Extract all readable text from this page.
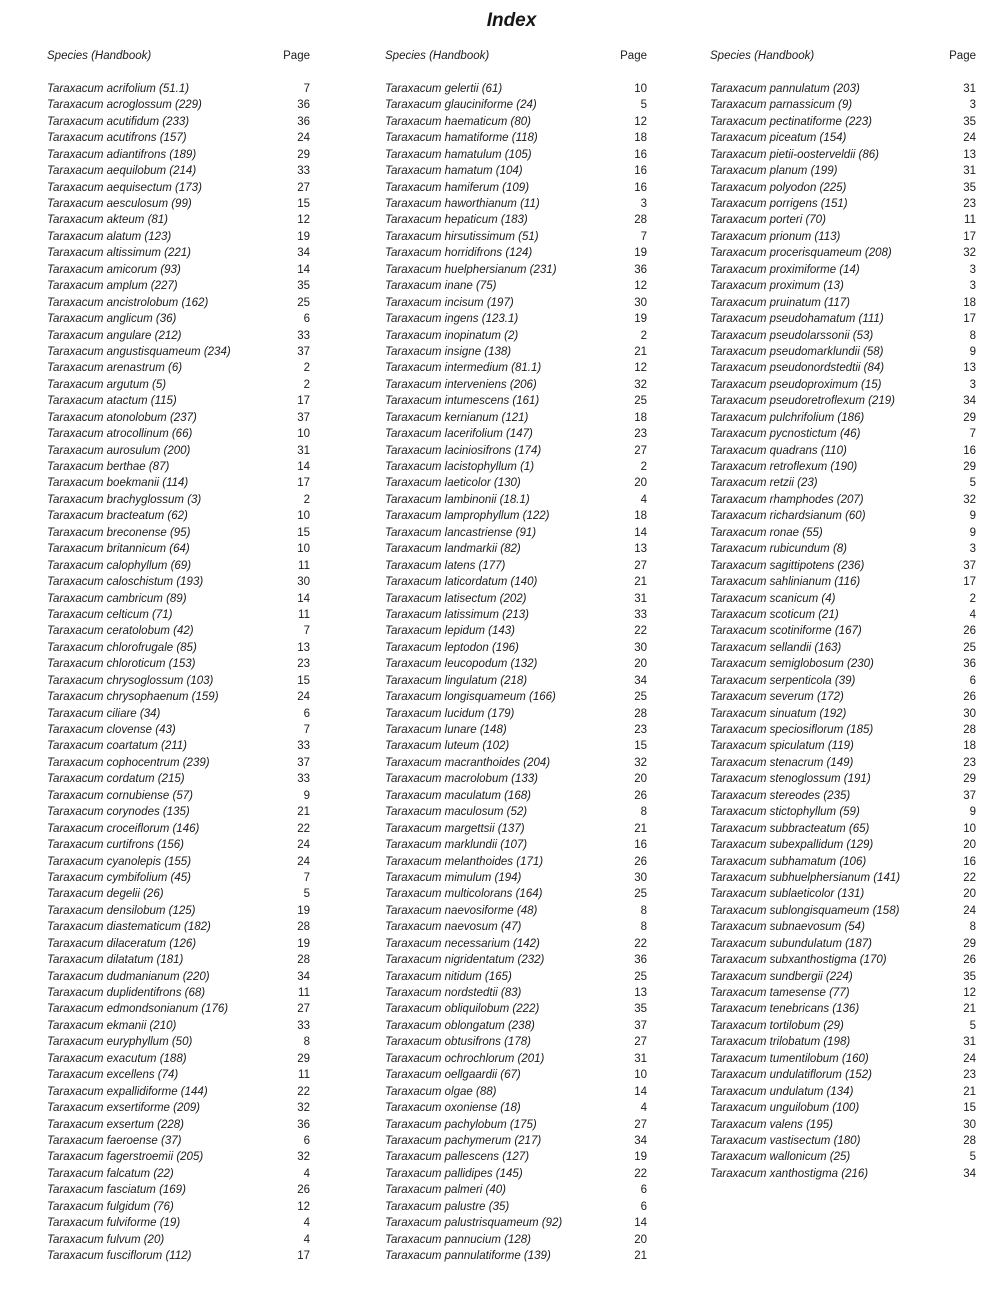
Index
Species (Handbook)	Page
Taraxacum acrifolium (51.1)	7
Taraxacum acroglossum (229)	36
Taraxacum acutifidum (233)	36
Taraxacum acutifrons (157)	24
Taraxacum adiantifrons (189)	29
Taraxacum aequilobum (214)	33
Taraxacum aequisectum (173)	27
Taraxacum aesculosum (99)	15
Taraxacum akteum (81)	12
Taraxacum alatum (123)	19
Taraxacum altissimum (221)	34
Taraxacum amicorum (93)	14
Taraxacum amplum (227)	35
Taraxacum ancistrolobum (162)	25
Taraxacum anglicum (36)	6
Taraxacum angulare (212)	33
Taraxacum angustisquameum (234)	37
Taraxacum arenastrum (6)	2
Taraxacum argutum (5)	2
Taraxacum atactum (115)	17
Taraxacum atonolobum (237)	37
Taraxacum atrocollinum (66)	10
Taraxacum aurosulum (200)	31
Taraxacum berthae (87)	14
Taraxacum boekmanii (114)	17
Taraxacum brachyglossum (3)	2
Taraxacum bracteatum (62)	10
Taraxacum breconense (95)	15
Taraxacum britannicum (64)	10
Taraxacum calophyllum (69)	11
Taraxacum caloschistum (193)	30
Taraxacum cambricum (89)	14
Taraxacum celticum (71)	11
Taraxacum ceratolobum (42)	7
Taraxacum chlorofrugale (85)	13
Taraxacum chloroticum (153)	23
Taraxacum chrysoglossum (103)	15
Taraxacum chrysophaenum (159)	24
Taraxacum ciliare (34)	6
Taraxacum clovense (43)	7
Taraxacum coartatum (211)	33
Taraxacum cophocentrum (239)	37
Taraxacum cordatum (215)	33
Taraxacum cornubiense (57)	9
Taraxacum corynodes (135)	21
Taraxacum croceiflorum (146)	22
Taraxacum curtifrons (156)	24
Taraxacum cyanolepis (155)	24
Taraxacum cymbifolium (45)	7
Taraxacum degelii (26)	5
Taraxacum densilobum (125)	19
Taraxacum diastematicum (182)	28
Taraxacum dilaceratum (126)	19
Taraxacum dilatatum (181)	28
Taraxacum dudmanianum (220)	34
Taraxacum duplidentifrons (68)	11
Taraxacum edmondsonianum (176)	27
Taraxacum ekmanii (210)	33
Taraxacum euryphyllum (50)	8
Taraxacum exacutum (188)	29
Taraxacum excellens (74)	11
Taraxacum expallidiforme (144)	22
Taraxacum exsertiforme (209)	32
Taraxacum exsertum (228)	36
Taraxacum faeroense (37)	6
Taraxacum fagerstroemii (205)	32
Taraxacum falcatum (22)	4
Taraxacum fasciatum (169)	26
Taraxacum fulgidum (76)	12
Taraxacum fulviforme (19)	4
Taraxacum fulvum (20)	4
Taraxacum fusciflorum (112)	17
Species (Handbook)	Page
Taraxacum gelertii (61)	10
Taraxacum glauciniforme (24)	5
Taraxacum haematicum (80)	12
Taraxacum hamatiforme (118)	18
Taraxacum hamatulum (105)	16
Taraxacum hamatum (104)	16
Taraxacum hamiferum (109)	16
Taraxacum haworthianum (11)	3
Taraxacum hepaticum (183)	28
Taraxacum hirsutissimum (51)	7
Taraxacum horridifrons (124)	19
Taraxacum huelphersianum (231)	36
Taraxacum inane (75)	12
Taraxacum incisum (197)	30
Taraxacum ingens (123.1)	19
Taraxacum inopinatum (2)	2
Taraxacum insigne (138)	21
Taraxacum intermedium (81.1)	12
Taraxacum interveniens (206)	32
Taraxacum intumescens (161)	25
Taraxacum kernianum (121)	18
Taraxacum lacerifolium (147)	23
Taraxacum laciniosifrons (174)	27
Taraxacum lacistophyllum (1)	2
Taraxacum laeticolor (130)	20
Taraxacum lambinonii (18.1)	4
Taraxacum lamprophyllum (122)	18
Taraxacum lancastriense (91)	14
Taraxacum landmarkii (82)	13
Taraxacum latens (177)	27
Taraxacum laticordatum (140)	21
Taraxacum latisectum (202)	31
Taraxacum latissimum (213)	33
Taraxacum lepidum (143)	22
Taraxacum leptodon (196)	30
Taraxacum leucopodum (132)	20
Taraxacum lingulatum (218)	34
Taraxacum longisquameum (166)	25
Taraxacum lucidum (179)	28
Taraxacum lunare (148)	23
Taraxacum luteum (102)	15
Taraxacum macranthoides (204)	32
Taraxacum macrolobum (133)	20
Taraxacum maculatum (168)	26
Taraxacum maculosum (52)	8
Taraxacum margettsii (137)	21
Taraxacum marklundii (107)	16
Taraxacum melanthoides (171)	26
Taraxacum mimulum (194)	30
Taraxacum multicolorans (164)	25
Taraxacum naevosiforme (48)	8
Taraxacum naevosum (47)	8
Taraxacum necessarium (142)	22
Taraxacum nigridentatum (232)	36
Taraxacum nitidum (165)	25
Taraxacum nordstedtii (83)	13
Taraxacum obliquilobum (222)	35
Taraxacum oblongatum (238)	37
Taraxacum obtusifrons (178)	27
Taraxacum ochrochlorum (201)	31
Taraxacum oellgaardii (67)	10
Taraxacum olgae (88)	14
Taraxacum oxoniense (18)	4
Taraxacum pachylobum (175)	27
Taraxacum pachymerum (217)	34
Taraxacum pallescens (127)	19
Taraxacum pallidipes (145)	22
Taraxacum palmeri (40)	6
Taraxacum palustre (35)	6
Taraxacum palustrisquameum (92)	14
Taraxacum pannucium (128)	20
Taraxacum pannulatiforme (139)	21
Species (Handbook)	Page
Taraxacum pannulatum (203)	31
Taraxacum parnassicum (9)	3
Taraxacum pectinatiforme (223)	35
Taraxacum piceatum (154)	24
Taraxacum pietii-oosterveldii (86)	13
Taraxacum planum (199)	31
Taraxacum polyodon (225)	35
Taraxacum porrigens (151)	23
Taraxacum porteri (70)	11
Taraxacum prionum (113)	17
Taraxacum procerisquameum (208)	32
Taraxacum proximiforme (14)	3
Taraxacum proximum (13)	3
Taraxacum pruinatum (117)	18
Taraxacum pseudohamatum (111)	17
Taraxacum pseudolarssonii (53)	8
Taraxacum pseudomarklundii (58)	9
Taraxacum pseudonordstedtii (84)	13
Taraxacum pseudoproximum (15)	3
Taraxacum pseudoretroflexum (219)	34
Taraxacum pulchrifolium (186)	29
Taraxacum pycnostictum (46)	7
Taraxacum quadrans (110)	16
Taraxacum retroflexum (190)	29
Taraxacum retzii (23)	5
Taraxacum rhamphodes (207)	32
Taraxacum richardsianum (60)	9
Taraxacum ronae (55)	9
Taraxacum rubicundum (8)	3
Taraxacum sagittipotens (236)	37
Taraxacum sahlinianum (116)	17
Taraxacum scanicum (4)	2
Taraxacum scoticum (21)	4
Taraxacum scotiniforme (167)	26
Taraxacum sellandii (163)	25
Taraxacum semiglobosum (230)	36
Taraxacum serpenticola (39)	6
Taraxacum severum (172)	26
Taraxacum sinuatum (192)	30
Taraxacum speciosiflorum (185)	28
Taraxacum spiculatum (119)	18
Taraxacum stenacrum (149)	23
Taraxacum stenoglossum (191)	29
Taraxacum stereodes (235)	37
Taraxacum stictophyllum (59)	9
Taraxacum subbracteatum (65)	10
Taraxacum subexpallidum (129)	20
Taraxacum subhamatum (106)	16
Taraxacum subhuelphersianum (141)	22
Taraxacum sublaeticolor (131)	20
Taraxacum sublongisquameum (158)	24
Taraxacum subnaevosum (54)	8
Taraxacum subundulatum (187)	29
Taraxacum subxanthostigma (170)	26
Taraxacum sundbergii (224)	35
Taraxacum tamesense (77)	12
Taraxacum tenebricans (136)	21
Taraxacum tortilobum (29)	5
Taraxacum trilobatum (198)	31
Taraxacum tumentilobum (160)	24
Taraxacum undulatiflorum (152)	23
Taraxacum undulatum (134)	21
Taraxacum unguilobum (100)	15
Taraxacum valens (195)	30
Taraxacum vastisectum (180)	28
Taraxacum wallonicum (25)	5
Taraxacum xanthostigma (216)	34
